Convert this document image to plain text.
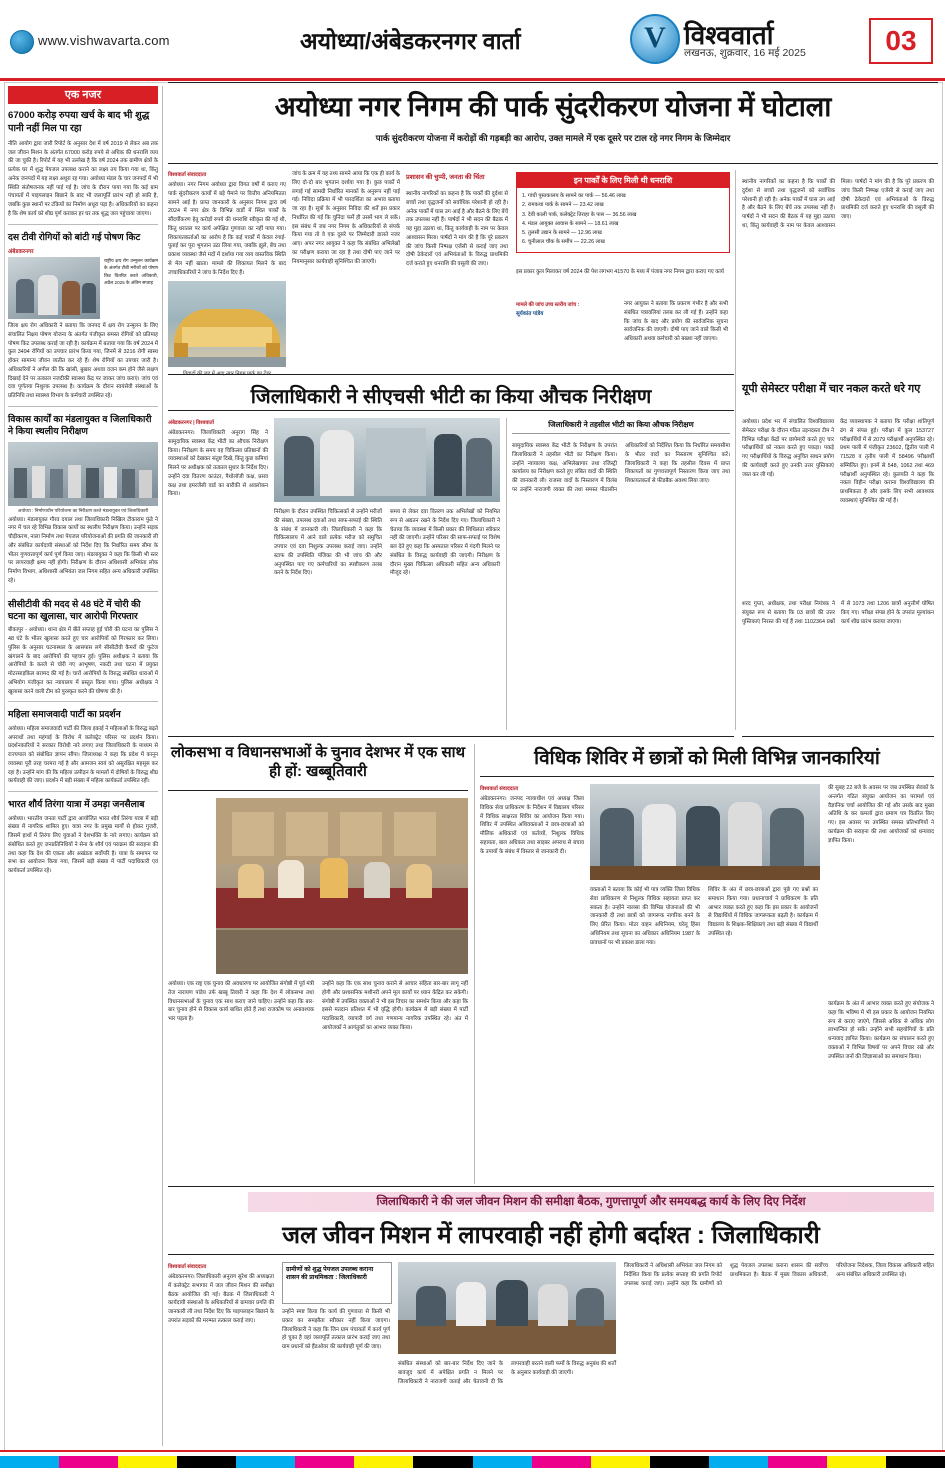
www.vishwavarta.com	अयोध्या/अंबेडकरनगर वार्ता	V विश्ववार्ता
लखनऊ, शुक्रवार, 16 मई 2025	03
एक नजर
67000 करोड़ रुपया खर्च के बाद भी शुद्ध पानी नहीं मिल पा रहा
नीति आयोग द्वारा जारी रिपोर्ट के अनुसार देश में वर्ष 2019 से लेकर अब तक जल जीवन मिशन के अंतर्गत 67000 करोड़ रुपये से अधिक की धनराशि व्यय की जा चुकी है। रिपोर्ट में यह भी उल्लेख है कि वर्ष 2024 तक ग्रामीण क्षेत्रों के प्रत्येक घर में शुद्ध पेयजल उपलब्ध कराने का लक्ष्य तय किया गया था, किंतु अनेक जनपदों में यह लक्ष्य अधूरा रह गया। अयोध्या मंडल के चार जनपदों में भी स्थिति संतोषजनक नहीं पाई गई है। जांच के दौरान पाया गया कि कई ग्राम पंचायतों में पाइपलाइन बिछाने के बाद भी जलापूर्ति प्रारंभ नहीं हो सकी है, जबकि कुछ स्थानों पर टंकियों का निर्माण अधूरा पड़ा है। अधिकारियों का कहना है कि शेष कार्य को शीघ्र पूर्ण कराकर हर घर तक शुद्ध जल पहुंचाया जाएगा।
दस टीवी रोगियों को बांटी गई पोषण किट
अंबेडकरनगर
राष्ट्रीय क्षय रोग उन्मूलन कार्यक्रम के अंतर्गत टीबी मरीजों को पोषण किट वितरित करते अधिकारी, अप्रैल 2025 के अंतिम सप्ताह
जिला क्षय रोग अधिकारी ने बताया कि जनपद में क्षय रोग उन्मूलन के लिए संचालित निक्षय पोषण योजना के अंतर्गत पंजीकृत समस्त रोगियों को प्रतिमाह पोषण किट उपलब्ध कराई जा रही है। कार्यक्रम में बताया गया कि वर्ष 2024 में कुल 3494 रोगियों का उपचार प्रारंभ किया गया, जिनमें से 3216 रोगी स्वस्थ होकर सामान्य जीवन व्यतीत कर रहे हैं। शेष रोगियों का उपचार जारी है। अधिकारियों ने अपील की कि खांसी, बुखार अथवा वजन कम होने जैसे लक्षण दिखाई देने पर तत्काल नजदीकी स्वास्थ्य केंद्र पर जाकर जांच कराएं। जांच एवं दवा पूर्णतया निशुल्क उपलब्ध है। कार्यक्रम के दौरान स्वयंसेवी संस्थाओं के प्रतिनिधि तथा स्वास्थ्य विभाग के कर्मचारी उपस्थित रहे।
विकास कार्यों का मंडलायुक्त व जिलाधिकारी ने किया स्थलीय निरीक्षण
अयोध्या : निर्माणाधीन परियोजना का निरीक्षण करते मंडलायुक्त एवं जिलाधिकारी
अयोध्या। मंडलायुक्त गौरव दयाल तथा जिलाधिकारी निखिल टीकाराम फुंडे ने नगर में चल रहे विभिन्न विकास कार्यों का स्थलीय निरीक्षण किया। उन्होंने सड़क चौड़ीकरण, नाला निर्माण तथा पेयजल परियोजनाओं की प्रगति की जानकारी ली और संबंधित कार्यदायी संस्थाओं को निर्देश दिए कि निर्धारित समय सीमा के भीतर गुणवत्तापूर्ण कार्य पूर्ण किया जाए। मंडलायुक्त ने कहा कि किसी भी स्तर पर लापरवाही क्षम्य नहीं होगी। निरीक्षण के दौरान अधिशासी अभियंता लोक निर्माण विभाग, अधिशासी अभियंता जल निगम सहित अन्य अधिकारी उपस्थित रहे।
सीसीटीवी की मदद से 48 घंटे में चोरी की घटना का खुलासा, चार आरोपी गिरफ्तार
बीकापुर - अयोध्या। थाना क्षेत्र में बीते सप्ताह हुई चोरी की घटना का पुलिस ने 48 घंटे के भीतर खुलासा करते हुए चार आरोपियों को गिरफ्तार कर लिया। पुलिस के अनुसार घटनास्थल के आसपास लगे सीसीटीवी कैमरों की फुटेज खंगालने के बाद आरोपियों की पहचान हुई। पुलिस अधीक्षक ने बताया कि आरोपियों के कब्जे से चोरी गए आभूषण, नकदी तथा घटना में प्रयुक्त मोटरसाइकिल बरामद की गई है। चारों आरोपियों के विरुद्ध संबंधित धाराओं में अभियोग पंजीकृत कर न्यायालय में प्रस्तुत किया गया। पुलिस अधीक्षक ने खुलासा करने वाली टीम को पुरस्कृत करने की घोषणा की है।
महिला समाजवादी पार्टी का प्रदर्शन
अयोध्या। महिला समाजवादी पार्टी की जिला इकाई ने महिलाओं के विरुद्ध बढ़ते अपराधों तथा महंगाई के विरोध में कलेक्ट्रेट परिसर पर प्रदर्शन किया। प्रदर्शनकारियों ने सरकार विरोधी नारे लगाए तथा जिलाधिकारी के माध्यम से राज्यपाल को संबोधित ज्ञापन सौंपा। जिलाध्यक्ष ने कहा कि प्रदेश में कानून व्यवस्था पूरी तरह चरमरा गई है और आमजन स्वयं को असुरक्षित महसूस कर रहा है। उन्होंने मांग की कि महिला उत्पीड़न के मामलों में दोषियों के विरुद्ध शीघ्र कार्यवाही की जाए। प्रदर्शन में बड़ी संख्या में महिला कार्यकर्ता उपस्थित रहीं।
भारत शौर्य तिरंगा यात्रा में उमड़ा जनसैलाब
अयोध्या। भारतीय जनता पार्टी द्वारा आयोजित भारत शौर्य तिरंगा यात्रा में बड़ी संख्या में नागरिक शामिल हुए। यात्रा नगर के प्रमुख मार्गों से होकर गुजरी, जिसमें हाथों में तिरंगा लिए युवाओं ने देशभक्ति के नारे लगाए। कार्यक्रम को संबोधित करते हुए जनप्रतिनिधियों ने सेना के शौर्य एवं पराक्रम की सराहना की तथा कहा कि देश की एकता और अखंडता सर्वोपरि है। यात्रा के समापन पर सभा का आयोजन किया गया, जिसमें बड़ी संख्या में पार्टी पदाधिकारी एवं कार्यकर्ता उपस्थित रहे।
अयोध्या नगर निगम की पार्क सुंदरीकरण योजना में घोटाला
पार्क सुंदरीकरण योजना में करोड़ों की गड़बड़ी का आरोप, उक्त मामले में एक दूसरे पर टाल रहे नगर निगम के जिम्मेदार
विश्ववार्ता संवाददाता
अयोध्या। नगर निगम अयोध्या द्वारा विगत वर्षों में कराए गए पार्क सुंदरीकरण कार्यों में बड़े पैमाने पर वित्तीय अनियमितता सामने आई है। प्राप्त जानकारी के अनुसार निगम द्वारा वर्ष 2024 में नगर क्षेत्र के विभिन्न वार्डों में स्थित पार्कों के सौंदर्यीकरण हेतु करोड़ों रुपये की धनराशि स्वीकृत की गई थी, किंतु धरातल पर कार्य अपेक्षित गुणवत्ता का नहीं पाया गया। शिकायतकर्ताओं का आरोप है कि कई पार्कों में केवल रंगाई-पुताई कर पूरा भुगतान उठा लिया गया, जबकि झूले, बेंच तथा प्रकाश व्यवस्था जैसे मदों में दर्शाया गया व्यय वास्तविक स्थिति से मेल नहीं खाता। मामले की शिकायत मिलने के बाद उच्चाधिकारियों ने जांच के निर्देश दिए हैं।
जांच के क्रम में यह तथ्य सामने आया कि एक ही कार्य के लिए दो-दो बार भुगतान दर्शाया गया है। कुछ पार्कों में लगाई गई सामग्री निर्धारित मानकों के अनुरूप नहीं पाई गई। निविदा प्रक्रिया में भी पारदर्शिता का अभाव बताया जा रहा है। सूत्रों के अनुसार निविदा की शर्तें इस प्रकार निर्धारित की गईं कि चुनिंदा फर्में ही उसमें भाग ले सकें। इस संबंध में जब नगर निगम के अधिकारियों से संपर्क किया गया तो वे एक दूसरे पर जिम्मेदारी डालते नजर आए। अपर नगर आयुक्त ने कहा कि संबंधित अभिलेखों का परीक्षण कराया जा रहा है तथा दोषी पाए जाने पर नियमानुसार कार्यवाही सुनिश्चित की जाएगी।
स्थानीय नागरिकों का कहना है कि पार्कों की दुर्दशा से बच्चों तथा वृद्धजनों को सर्वाधिक परेशानी हो रही है। अनेक पार्कों में घास उग आई है और बैठने के लिए बेंचें तक उपलब्ध नहीं हैं। पार्षदों ने भी सदन की बैठक में यह मुद्दा उठाया था, किंतु कार्यवाही के नाम पर केवल आश्वासन मिला। पार्षदों ने मांग की है कि पूरे प्रकरण की जांच किसी निष्पक्ष एजेंसी से कराई जाए तथा दोषी ठेकेदारों एवं अभियंताओं के विरुद्ध प्राथमिकी दर्ज कराते हुए धनराशि की वसूली की जाए।
प्रशासन की चुप्पी, जनता की चिंता	इन पार्कों के लिए मिली थी धनराशि
1. गांधी पुस्तकालय के सामने का पार्क — 56.46 लाख
2. रामकथा पार्क के सामने — 23.42 लाख
3. देवी काली पार्क, कलेक्ट्रेट तिराहा के पास — 36.56 लाख
4. मंडल आयुक्त आवास के सामने — 18.61 लाख
5. तुलसी उद्यान के सामने — 12.96 लाख
6. चुनीलाल चौक के समीप — 22.26 लाख
इस प्रकार कुल मिलाकर वर्ष 2024 की पेश लगभग 41570 के मध्य में पंजाब नगर निगम द्वारा कराए गए कार्य
मामले की जांच उच्च स्तरीय जांच :
सूर्यकांत पांडेय
नगर आयुक्त ने बताया कि प्रकरण गंभीर है और सभी संबंधित पत्रावलियां तलब कर ली गई हैं। उन्होंने कहा कि जांच के बाद और प्रयोग की सार्वजनिक सूचना सार्वजनिक की जाएगी। दोषी पाए जाने वाले किसी भी अधिकारी अथवा कर्मचारी को बख्शा नहीं जाएगा।
यूपी सेमेस्टर परीक्षा में चार नकल करते धरे गए
अयोध्या। प्रदेश भर में संचालित विश्वविद्यालय सेमेस्टर परीक्षा के दौरान गठित उड़नदस्ता टीम ने विभिन्न परीक्षा केंद्रों पर छापेमारी करते हुए चार परीक्षार्थियों को नकल करते हुए पकड़ा। पकड़े गए परीक्षार्थियों के विरुद्ध अनुचित साधन प्रयोग की कार्यवाही करते हुए उनकी उत्तर पुस्तिकाएं जब्त कर ली गईं।
केंद्र व्यवस्थापक ने बताया कि परीक्षा शांतिपूर्ण ढंग से संपन्न हुई। परीक्षा में कुल 153727 परीक्षार्थियों में से 2079 परीक्षार्थी अनुपस्थित रहे। प्रथम पाली में पंजीकृत 23602, द्वितीय पाली में 71528 व तृतीय पाली में 58496 परीक्षार्थी सम्मिलित हुए। इनमें से 548, 1062 तथा 469 परीक्षार्थी अनुपस्थित रहे। कुलपति ने कहा कि नकल विहीन परीक्षा कराना विश्वविद्यालय की प्राथमिकता है और इसके लिए सभी आवश्यक व्यवस्थाएं सुनिश्चित की गई हैं।
शरद गुप्ता, अधीक्षक, तथा परीक्षा नियंत्रक ने संयुक्त रूप से बताया कि 03 छात्रों की उत्तर पुस्तिकाएं निरस्त की गई हैं तथा 1102364 प्रश्नों में से 1073 तथा 1206 छात्रों अनुत्तीर्ण घोषित किए गए। परीक्षा संपन्न होने के उपरांत मूल्यांकन कार्य शीघ्र प्रारंभ कराया जाएगा।
स्थानीय नागरिकों का कहना है कि पार्कों की दुर्दशा से बच्चों तथा वृद्धजनों को सर्वाधिक परेशानी हो रही है। अनेक पार्कों में घास उग आई है और बैठने के लिए बेंचें तक उपलब्ध नहीं हैं। पार्षदों ने भी सदन की बैठक में यह मुद्दा उठाया था, किंतु कार्यवाही के नाम पर केवल आश्वासन मिला। पार्षदों ने मांग की है कि पूरे प्रकरण की जांच किसी निष्पक्ष एजेंसी से कराई जाए तथा दोषी ठेकेदारों एवं अभियंताओं के विरुद्ध प्राथमिकी दर्ज कराते हुए धनराशि की वसूली की जाए।
जिलाधिकारी ने सीएचसी भीटी का किया औचक निरीक्षण
अंबेडकरनगर | विश्ववार्ता
अंबेडकरनगर। जिलाधिकारी अनुराग सिंह ने सामुदायिक स्वास्थ्य केंद्र भीटी का औचक निरीक्षण किया। निरीक्षण के समय वह चिकित्सा प्रतिष्ठानों की व्यवस्थाओं को देखकर संतुष्ट दिखे, किंतु कुछ कमियां मिलने पर अधीक्षक को तत्काल सुधार के निर्देश दिए। उन्होंने दवा वितरण काउंटर, पैथोलॉजी कक्ष, प्रसव कक्ष तथा इमरजेंसी वार्ड का बारीकी से अवलोकन किया।
निरीक्षण के दौरान उपस्थित चिकित्सकों से उन्होंने मरीजों की संख्या, उपलब्ध दवाओं तथा साफ-सफाई की स्थिति के संबंध में जानकारी ली। जिलाधिकारी ने कहा कि चिकित्सालय में आने वाले प्रत्येक मरीज को समुचित उपचार एवं दवा निशुल्क उपलब्ध कराई जाए। उन्होंने स्टाफ की उपस्थिति पंजिका की भी जांच की और अनुपस्थित पाए गए कर्मचारियों का स्पष्टीकरण तलब करने के निर्देश दिए।
समय से लेकर दवा वितरण तक अभिलेखों को नियमित रूप से अद्यतन रखने के निर्देश दिए गए। जिलाधिकारी ने चेताया कि व्यवस्था में किसी प्रकार की शिथिलता स्वीकार नहीं की जाएगी। उन्होंने परिसर की साफ-सफाई पर विशेष बल देते हुए कहा कि अस्पताल परिसर में गंदगी मिलने पर संबंधित के विरुद्ध कार्यवाही की जाएगी। निरीक्षण के दौरान मुख्य चिकित्सा अधिकारी सहित अन्य अधिकारी मौजूद रहे।
जिलाधिकारी ने तहसील भीटी का किया औचक निरीक्षण
सामुदायिक स्वास्थ्य केंद्र भीटी के निरीक्षण के उपरांत जिलाधिकारी ने तहसील भीटी का निरीक्षण किया। उन्होंने न्यायालय कक्ष, अभिलेखागार तथा रजिस्ट्री कार्यालय का निरीक्षण करते हुए लंबित वादों की स्थिति की जानकारी ली। राजस्व वादों के निस्तारण में विलंब पर उन्होंने नाराजगी व्यक्त की तथा समस्त पीठासीन अधिकारियों को निर्देशित किया कि निर्धारित समयसीमा के भीतर वादों का निस्तारण सुनिश्चित करें। जिलाधिकारी ने कहा कि तहसील दिवस में प्राप्त शिकायतों का गुणवत्तापूर्ण निस्तारण किया जाए तथा शिकायतकर्ता से फीडबैक अवश्य लिया जाए।
लोकसभा व विधानसभाओं के चुनाव देशभर में एक साथ ही हों: खब्बूतिवारी
अयोध्या। एक राष्ट्र एक चुनाव की अवधारणा पर आयोजित संगोष्ठी में पूर्व मंत्री तेज नारायण पांडेय उर्फ खब्बू तिवारी ने कहा कि देश में लोकसभा तथा विधानसभाओं के चुनाव एक साथ कराए जाने चाहिए। उन्होंने कहा कि बार-बार चुनाव होने से विकास कार्य बाधित होते हैं तथा राजकोष पर अनावश्यक भार पड़ता है।
उन्होंने कहा कि एक साथ चुनाव कराने से आचार संहिता बार-बार लागू नहीं होगी और प्रशासनिक मशीनरी अपने मूल कार्यों पर ध्यान केंद्रित कर सकेगी। संगोष्ठी में उपस्थित वक्ताओं ने भी इस विचार का समर्थन किया और कहा कि इससे मतदान प्रतिशत में भी वृद्धि होगी। कार्यक्रम में बड़ी संख्या में पार्टी पदाधिकारी, व्यापारी वर्ग तथा गणमान्य नागरिक उपस्थित रहे। अंत में आयोजकों ने आगंतुकों का आभार व्यक्त किया।
विधिक शिविर में छात्रों को मिली विभिन्न जानकारियां
विश्ववार्ता संवाददाता
अंबेडकरनगर। जनपद न्यायाधीश एवं अध्यक्ष जिला विधिक सेवा प्राधिकरण के निर्देशन में विद्यालय परिसर में विधिक साक्षरता शिविर का आयोजन किया गया। शिविर में उपस्थित अधिवक्ताओं ने छात्र-छात्राओं को मौलिक अधिकारों एवं कर्तव्यों, निशुल्क विधिक सहायता, बाल अधिकार तथा साइबर अपराध से बचाव के उपायों के संबंध में विस्तार से जानकारी दी।
वक्ताओं ने बताया कि कोई भी पात्र व्यक्ति जिला विधिक सेवा प्राधिकरण से निशुल्क विधिक सहायता प्राप्त कर सकता है। उन्होंने नालसा की विभिन्न योजनाओं की भी जानकारी दी तथा छात्रों को जागरूक नागरिक बनने के लिए प्रेरित किया। मोटर वाहन अधिनियम, घरेलू हिंसा अधिनियम तथा सूचना का अधिकार अधिनियम 1987 के प्रावधानों पर भी प्रकाश डाला गया।
शिविर के अंत में छात्र-छात्राओं द्वारा पूछे गए प्रश्नों का समाधान किया गया। प्रधानाचार्य ने प्राधिकरण के प्रति आभार व्यक्त करते हुए कहा कि इस प्रकार के आयोजनों से विद्यार्थियों में विधिक जागरूकता बढ़ती है। कार्यक्रम में विद्यालय के शिक्षक-शिक्षिकाएं तथा बड़ी संख्या में विद्यार्थी उपस्थित रहे।
की सुबह 22 बजे के अवसर पर जब उपस्थित सेवकों के अन्तर्गत गठित संयुक्त आयोजन का परामर्श एवं वैज्ञानिक चर्चा आयोजित की गई और उसके बाद मुख्य अतिथि के कर कमलों द्वारा प्रमाण पत्र वितरित किए गए। इस अवसर पर उपस्थित समस्त प्रतिभागियों ने कार्यक्रम की सराहना की तथा आयोजकों को धन्यवाद ज्ञापित किया।
कार्यक्रम के अंत में आभार व्यक्त करते हुए संयोजक ने कहा कि भविष्य में भी इस प्रकार के आयोजन नियमित रूप से कराए जाएंगे, जिससे अधिक से अधिक लोग लाभान्वित हो सकें। उन्होंने सभी सहयोगियों के प्रति धन्यवाद ज्ञापित किया। कार्यक्रम का संचालन करते हुए वक्ताओं ने विभिन्न विषयों पर अपने विचार रखे और उपस्थित जनों की जिज्ञासाओं का समाधान किया।
जिलाधिकारी ने की जल जीवन मिशन की समीक्षा बैठक, गुणत्तापूर्ण और समयबद्ध कार्य के लिए दिए निर्देश
जल जीवन मिशन में लापरवाही नहीं होगी बर्दाश्त : जिलाधिकारी
विश्ववार्ता संवाददाता
अंबेडकरनगर। जिलाधिकारी अनुराग सुरेश की अध्यक्षता में कलेक्ट्रेट सभागार में जल जीवन मिशन की समीक्षा बैठक आयोजित की गई। बैठक में जिलाधिकारी ने कार्यदायी संस्थाओं के अधिकारियों से ग्रामवार प्रगति की जानकारी ली तथा निर्देश दिए कि पाइपलाइन बिछाने के उपरांत सड़कों की मरम्मत तत्काल कराई जाए।
ग्रामीणों को शुद्ध पेयजल उपलब्ध कराना शासन की प्राथमिकता : जिलाधिकारी
उन्होंने स्पष्ट किया कि कार्य की गुणवत्ता से किसी भी प्रकार का समझौता स्वीकार नहीं किया जाएगा। जिलाधिकारी ने कहा कि जिन ग्राम पंचायतों में कार्य पूर्ण हो चुका है वहां जलापूर्ति तत्काल प्रारंभ कराई जाए तथा ग्राम प्रधानों को हैंडओवर की कार्यवाही पूर्ण की जाए।
संबंधित संस्थाओं को बार-बार निर्देश दिए जाने के बावजूद कार्य में अपेक्षित प्रगति न मिलने पर जिलाधिकारी ने नाराजगी जताई और चेतावनी दी कि लापरवाही बरतने वाली फर्मों के विरुद्ध अनुबंध की शर्तों के अनुसार कार्यवाही की जाएगी।
जिलाधिकारी ने अधिशासी अभियंता जल निगम को निर्देशित किया कि प्रत्येक सप्ताह की प्रगति रिपोर्ट उपलब्ध कराई जाए। उन्होंने कहा कि ग्रामीणों को शुद्ध पेयजल उपलब्ध कराना शासन की सर्वोच्च प्राथमिकता है। बैठक में मुख्य विकास अधिकारी, परियोजना निदेशक, जिला विकास अधिकारी सहित अन्य संबंधित अधिकारी उपस्थित रहे।
